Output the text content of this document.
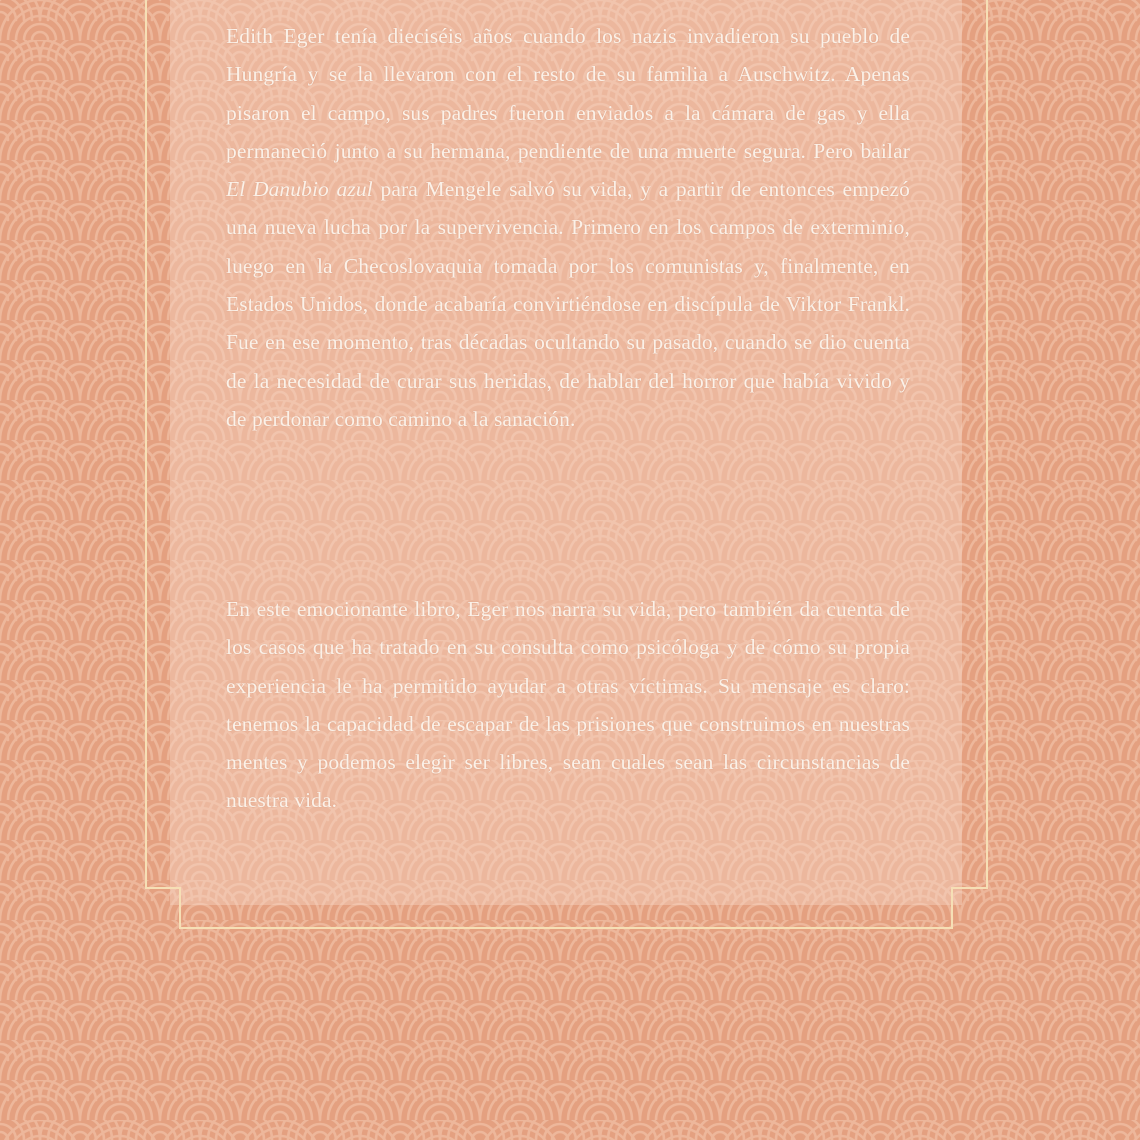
Edith Eger tenía dieciséis años cuando los nazis invadieron su pueblo de Hungría y se la llevaron con el resto de su familia a Auschwitz. Apenas pisaron el campo, sus padres fueron enviados a la cámara de gas y ella permaneció junto a su hermana, pendiente de una muerte segura. Pero bailar El Danubio azul para Mengele salvó su vida, y a partir de entonces empezó una nueva lucha por la supervivencia. Primero en los campos de exterminio, luego en la Checoslovaquia tomada por los comunistas y, finalmente, en Estados Unidos, donde acabaría convirtiéndose en discípula de Viktor Frankl. Fue en ese momento, tras décadas ocultando su pasado, cuando se dio cuenta de la necesidad de curar sus heridas, de hablar del horror que había vivido y de perdonar como camino a la sanación.

En este emocionante libro, Eger nos narra su vida, pero también da cuenta de los casos que ha tratado en su consulta como psicóloga y de cómo su propia experiencia le ha permitido ayudar a otras víctimas. Su mensaje es claro: tenemos la capacidad de escapar de las prisiones que construimos en nuestras mentes y podemos elegir ser libres, sean cuales sean las circunstancias de nuestra vida.
